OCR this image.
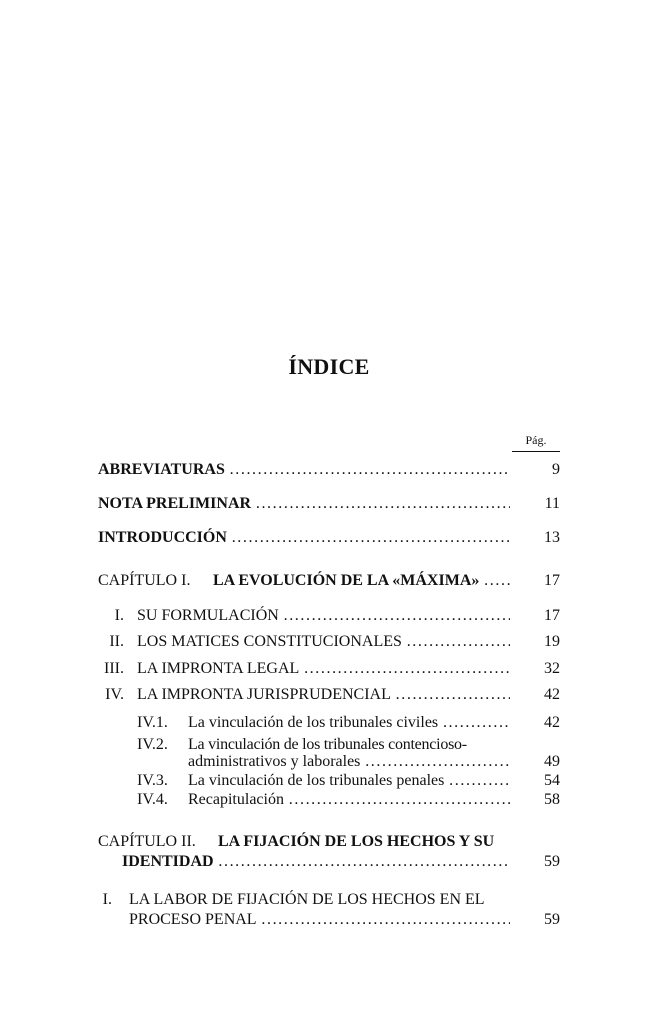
ÍNDICE
Pág.
ABREVIATURAS . . .	9
NOTA PRELIMINAR . . .	11
INTRODUCCIÓN . . .	13
CAPÍTULO I. LA EVOLUCIÓN DE LA «MÁXIMA» . . .	17
I. SU FORMULACIÓN . . .	17
II. LOS MATICES CONSTITUCIONALES . . .	19
III. LA IMPRONTA LEGAL . . .	32
IV. LA IMPRONTA JURISPRUDENCIAL . . .	42
IV.1. La vinculación de los tribunales civiles . . .	42
IV.2. La vinculación de los tribunales contencioso-
administrativos y laborales . . .	49
IV.3. La vinculación de los tribunales penales . . .	54
IV.4. Recapitulación . . .	58
CAPÍTULO II. LA FIJACIÓN DE LOS HECHOS Y SU
IDENTIDAD . . .	59
I. LA LABOR DE FIJACIÓN DE LOS HECHOS EN EL
PROCESO PENAL . . .	59
